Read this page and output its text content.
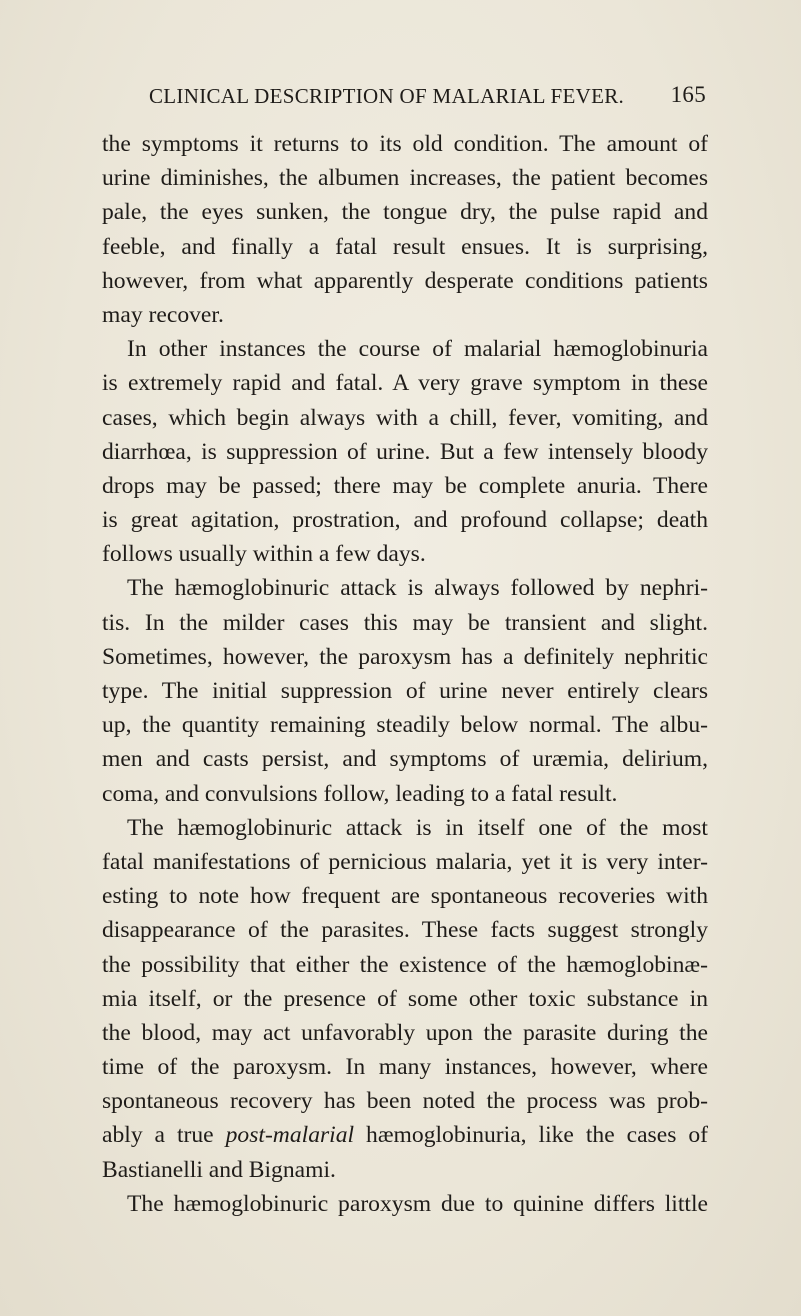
CLINICAL DESCRIPTION OF MALARIAL FEVER. 165
the symptoms it returns to its old condition. The amount of
urine diminishes, the albumen increases, the patient becomes
pale, the eyes sunken, the tongue dry, the pulse rapid and
feeble, and finally a fatal result ensues. It is surprising,
however, from what apparently desperate conditions patients
may recover.
In other instances the course of malarial hæmoglobinuria
is extremely rapid and fatal. A very grave symptom in these
cases, which begin always with a chill, fever, vomiting, and
diarrhœa, is suppression of urine. But a few intensely bloody
drops may be passed; there may be complete anuria. There
is great agitation, prostration, and profound collapse; death
follows usually within a few days.
The hæmoglobinuric attack is always followed by nephri-
tis. In the milder cases this may be transient and slight.
Sometimes, however, the paroxysm has a definitely nephritic
type. The initial suppression of urine never entirely clears
up, the quantity remaining steadily below normal. The albu-
men and casts persist, and symptoms of uræmia, delirium,
coma, and convulsions follow, leading to a fatal result.
The hæmoglobinuric attack is in itself one of the most
fatal manifestations of pernicious malaria, yet it is very inter-
esting to note how frequent are spontaneous recoveries with
disappearance of the parasites. These facts suggest strongly
the possibility that either the existence of the hæmoglobinæ-
mia itself, or the presence of some other toxic substance in
the blood, may act unfavorably upon the parasite during the
time of the paroxysm. In many instances, however, where
spontaneous recovery has been noted the process was prob-
ably a true post-malarial hæmoglobinuria, like the cases of
Bastianelli and Bignami.
The hæmoglobinuric paroxysm due to quinine differs little
